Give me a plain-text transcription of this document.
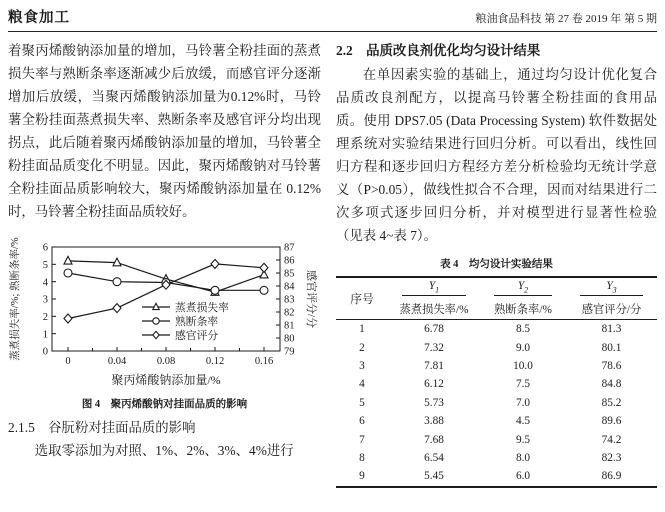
粮食加工	粮油食品科技 第 27 卷 2019 年 第 5 期

着聚丙烯酸钠添加量的增加，马铃薯全粉挂面的蒸煮损失率与熟断条率逐渐减少后放缓，而感官评分逐渐增加后放缓，当聚丙烯酸钠添加量为0.12%时，马铃薯全粉挂面蒸煮损失率、熟断条率及感官评分均出现拐点，此后随着聚丙烯酸钠添加量的增加，马铃薯全粉挂面品质变化不明显。因此，聚丙烯酸钠对马铃薯全粉挂面品质影响较大，聚丙烯酸钠添加量在 0.12%时，马铃薯全粉挂面品质较好。

0
1
2
3
4
5
6
79
80
81
82
83
84
85
86
87
0	0.04	0.08	0.12	0.16
蒸煮损失率/%; 熟断条率/%	感官评分/分
聚丙烯酸钠添加量/%
蒸煮损失率
熟断条率
感官评分
图 4　聚丙烯酸钠对挂面品质的影响
2.1.5　谷朊粉对挂面品质的影响

选取零添加为对照、1%、2%、3%、4%进行

2.2　品质改良剂优化均匀设计结果

在单因素实验的基础上，通过均匀设计优化复合品质改良剂配方，以提高马铃薯全粉挂面的食用品质。使用 DPS7.05 (Data Processing System) 软件数据处理系统对实验结果进行回归分析。可以看出，线性回归方程和逐步回归方程经方差分析检验均无统计学意义（P>0.05），做线性拟合不合理，因而对结果进行二次多项式逐步回归分析，并对模型进行显著性检验（见表 4~表 7）。

表 4　均匀设计实验结果
序号	$Y_1$	$Y_2$	$Y_3$

	蒸煮损失率/%	熟断条率/%	感官评分/分
1	6.78	8.5	81.3
2	7.32	9.0	80.1
3	7.81	10.0	78.6
4	6.12	7.5	84.8
5	5.73	7.0	85.2
6	3.88	4.5	89.6
7	7.68	9.5	74.2
8	6.54	8.0	82.3
9	5.45	6.0	86.9
